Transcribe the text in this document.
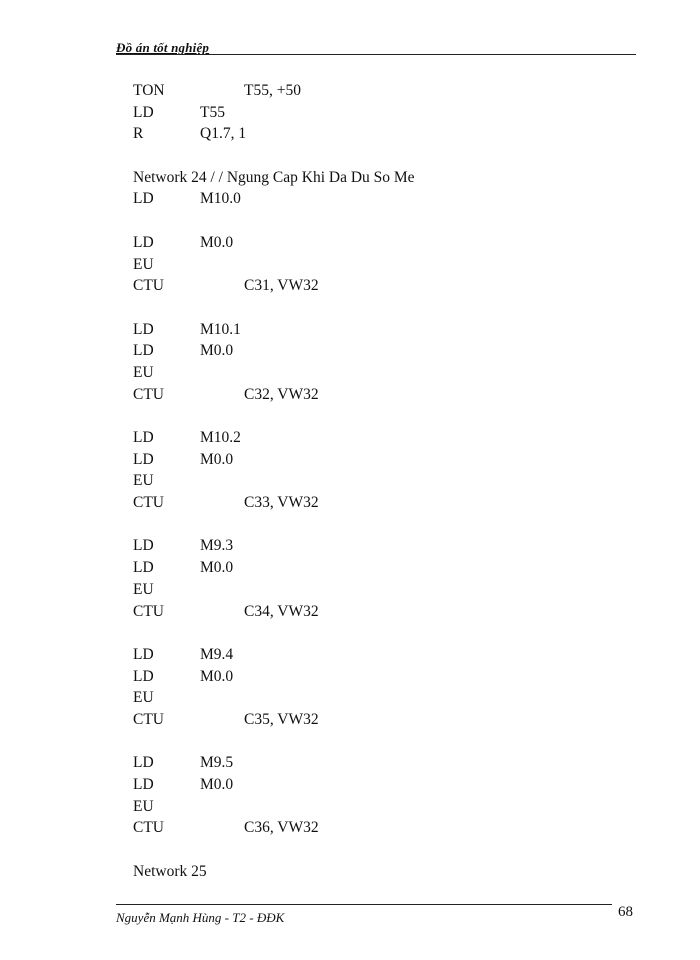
Đồ án tốt nghiệp
TON	T55, +50
LD	T55
R	Q1.7, 1
Network 24 / / Ngung Cap Khi Da Du So Me
LD	M10.0
LD	M0.0
EU
CTU	C31, VW32
LD	M10.1
LD	M0.0
EU
CTU	C32, VW32
LD	M10.2
LD	M0.0
EU
CTU	C33, VW32
LD	M9.3
LD	M0.0
EU
CTU	C34, VW32
LD	M9.4
LD	M0.0
EU
CTU	C35, VW32
LD	M9.5
LD	M0.0
EU
CTU	C36, VW32
Network 25
Nguyễn Mạnh Hùng - T2 - ĐĐK	68
